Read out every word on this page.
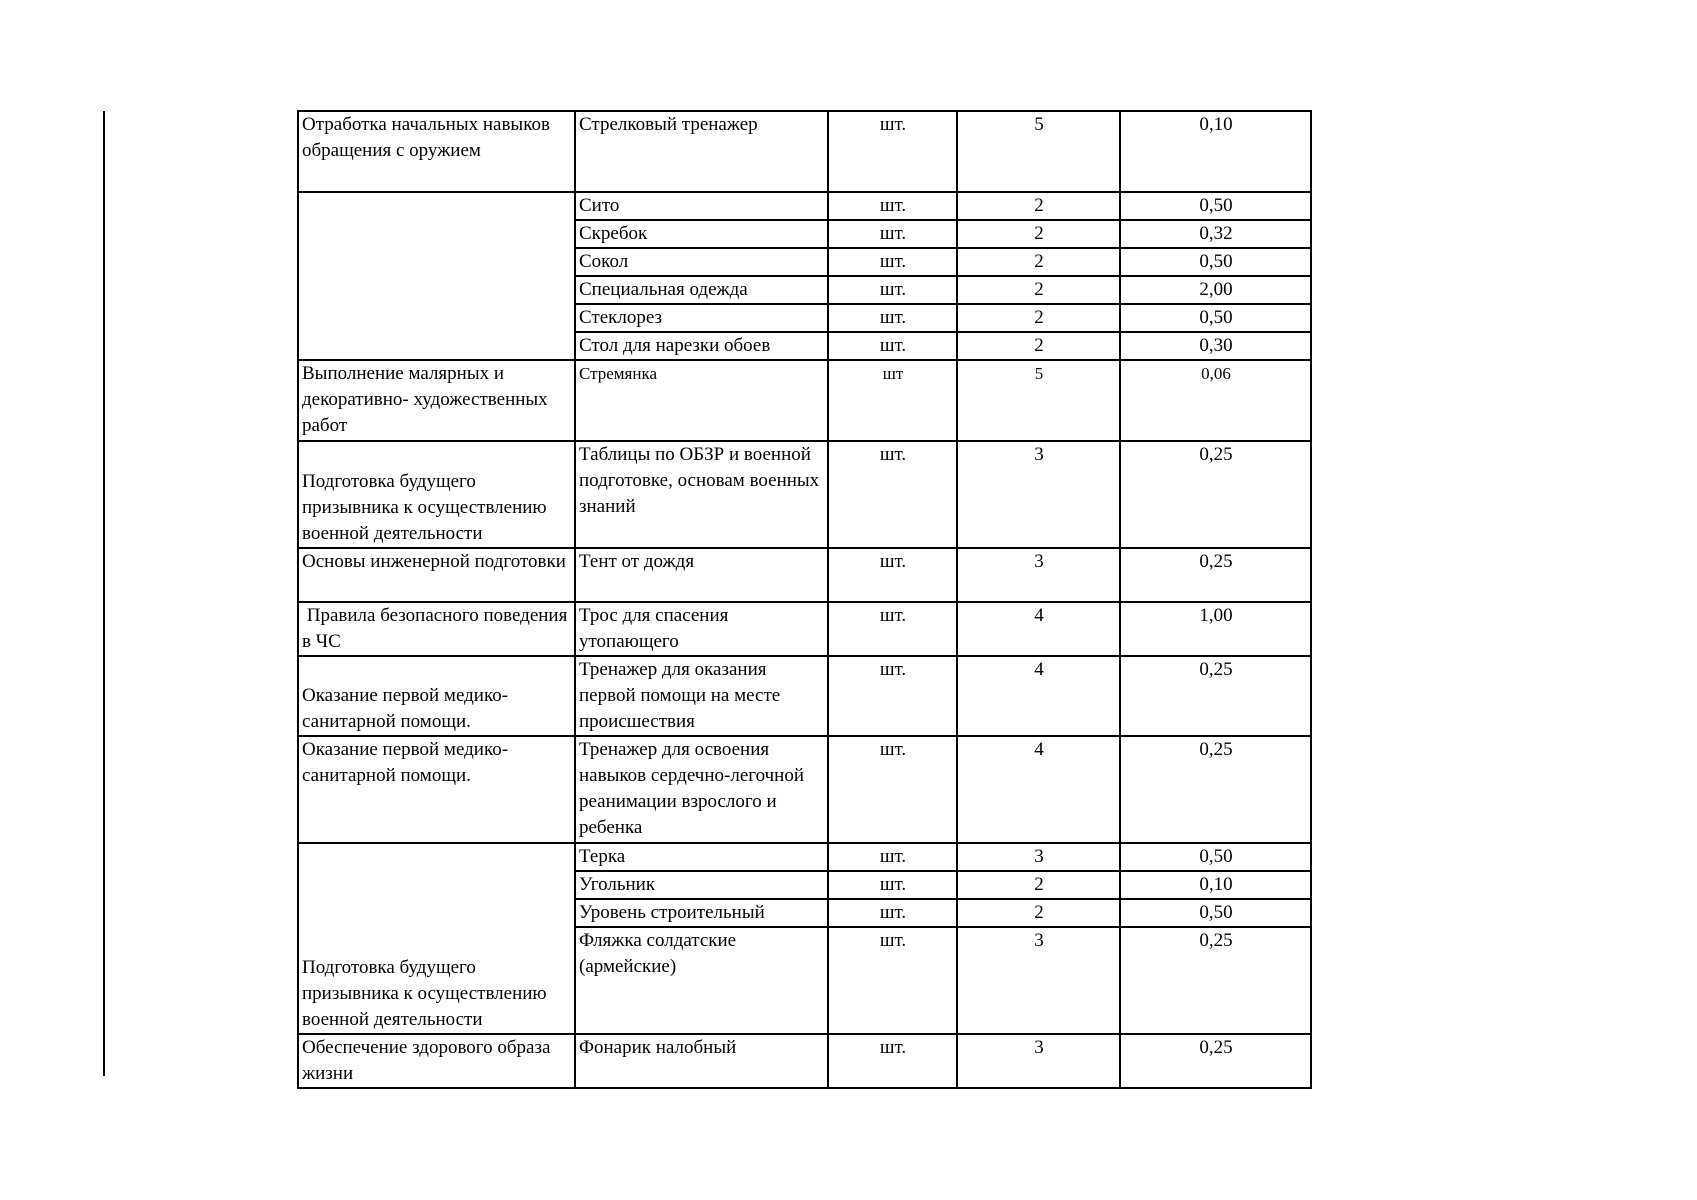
Отработка начальных навыков обращения с оружием	Стрелковый тренажер	шт.	5	0,10
	Сито	шт.	2	0,50
	Скребок	шт.	2	0,32
	Сокол	шт.	2	0,50
	Специальная одежда	шт.	2	2,00
	Стеклорез	шт.	2	0,50
	Стол для нарезки обоев	шт.	2	0,30
Выполнение малярных и декоративно- художественных работ	Стремянка	шт	5	0,06
Подготовка будущего призывника к осуществлению военной деятельности	Таблицы по ОБЗР и военной подготовке, основам военных знаний	шт.	3	0,25
Основы инженерной подготовки	Тент от дождя	шт.	3	0,25
Правила безопасного поведения в ЧС	Трос для спасения утопающего	шт.	4	1,00
Оказание первой медико-санитарной помощи.	Тренажер для оказания первой помощи на месте происшествия	шт.	4	0,25
Оказание первой медико-санитарной помощи.	Тренажер для освоения навыков сердечно-легочной реанимации взрослого и ребенка	шт.	4	0,25
Подготовка будущего призывника к осуществлению военной деятельности	Терка	шт.	3	0,50
	Угольник	шт.	2	0,10
	Уровень строительный	шт.	2	0,50
	Фляжка солдатские (армейские)	шт.	3	0,25
Обеспечение здорового образа жизни	Фонарик налобный	шт.	3	0,25
